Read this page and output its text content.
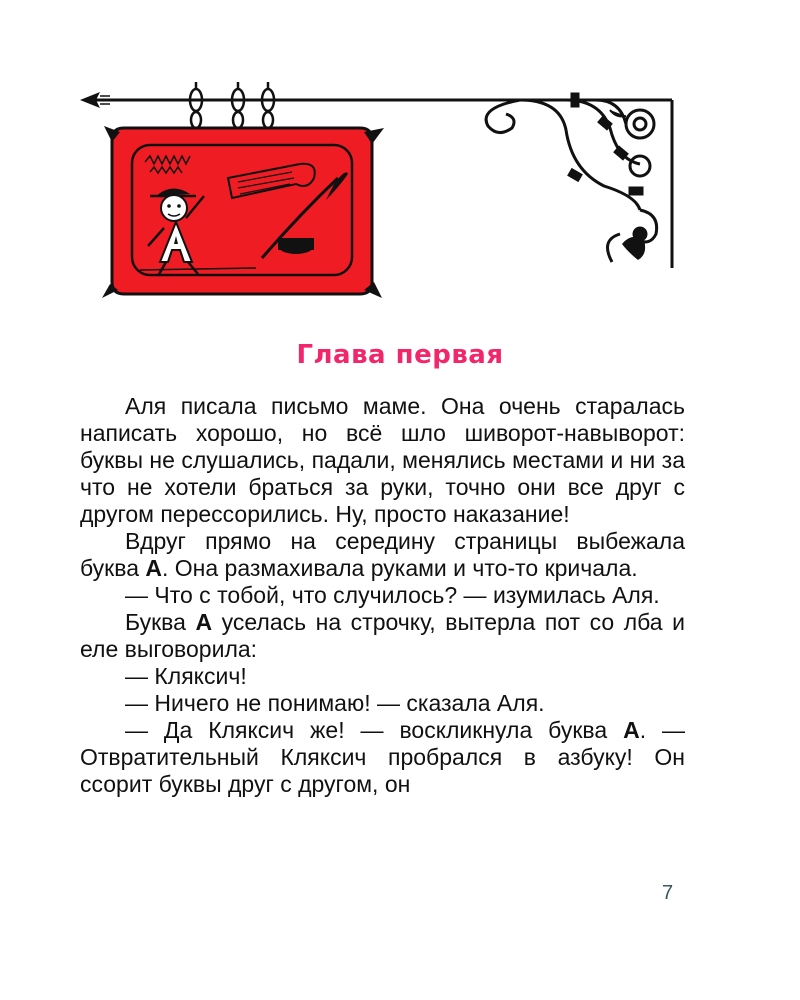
Глава первая

Аля писала письмо маме. Она очень старалась написать хорошо, но всё шло шиворот-навыворот: буквы не слушались, падали, менялись местами и ни за что не хотели браться за руки, точно они все друг с другом перессорились. Ну, просто наказание!

Вдруг прямо на середину страницы выбежала буква А. Она размахивала руками и что-то кричала.

— Что с тобой, что случилось? — изумилась Аля.

Буква А уселась на строчку, вытерла пот со лба и еле выговорила:

— Кляксич!

— Ничего не понимаю! — сказала Аля.

— Да Кляксич же! — воскликнула буква А. — Отвратительный Кляксич пробрался в азбуку! Он ссорит буквы друг с другом, он

7
